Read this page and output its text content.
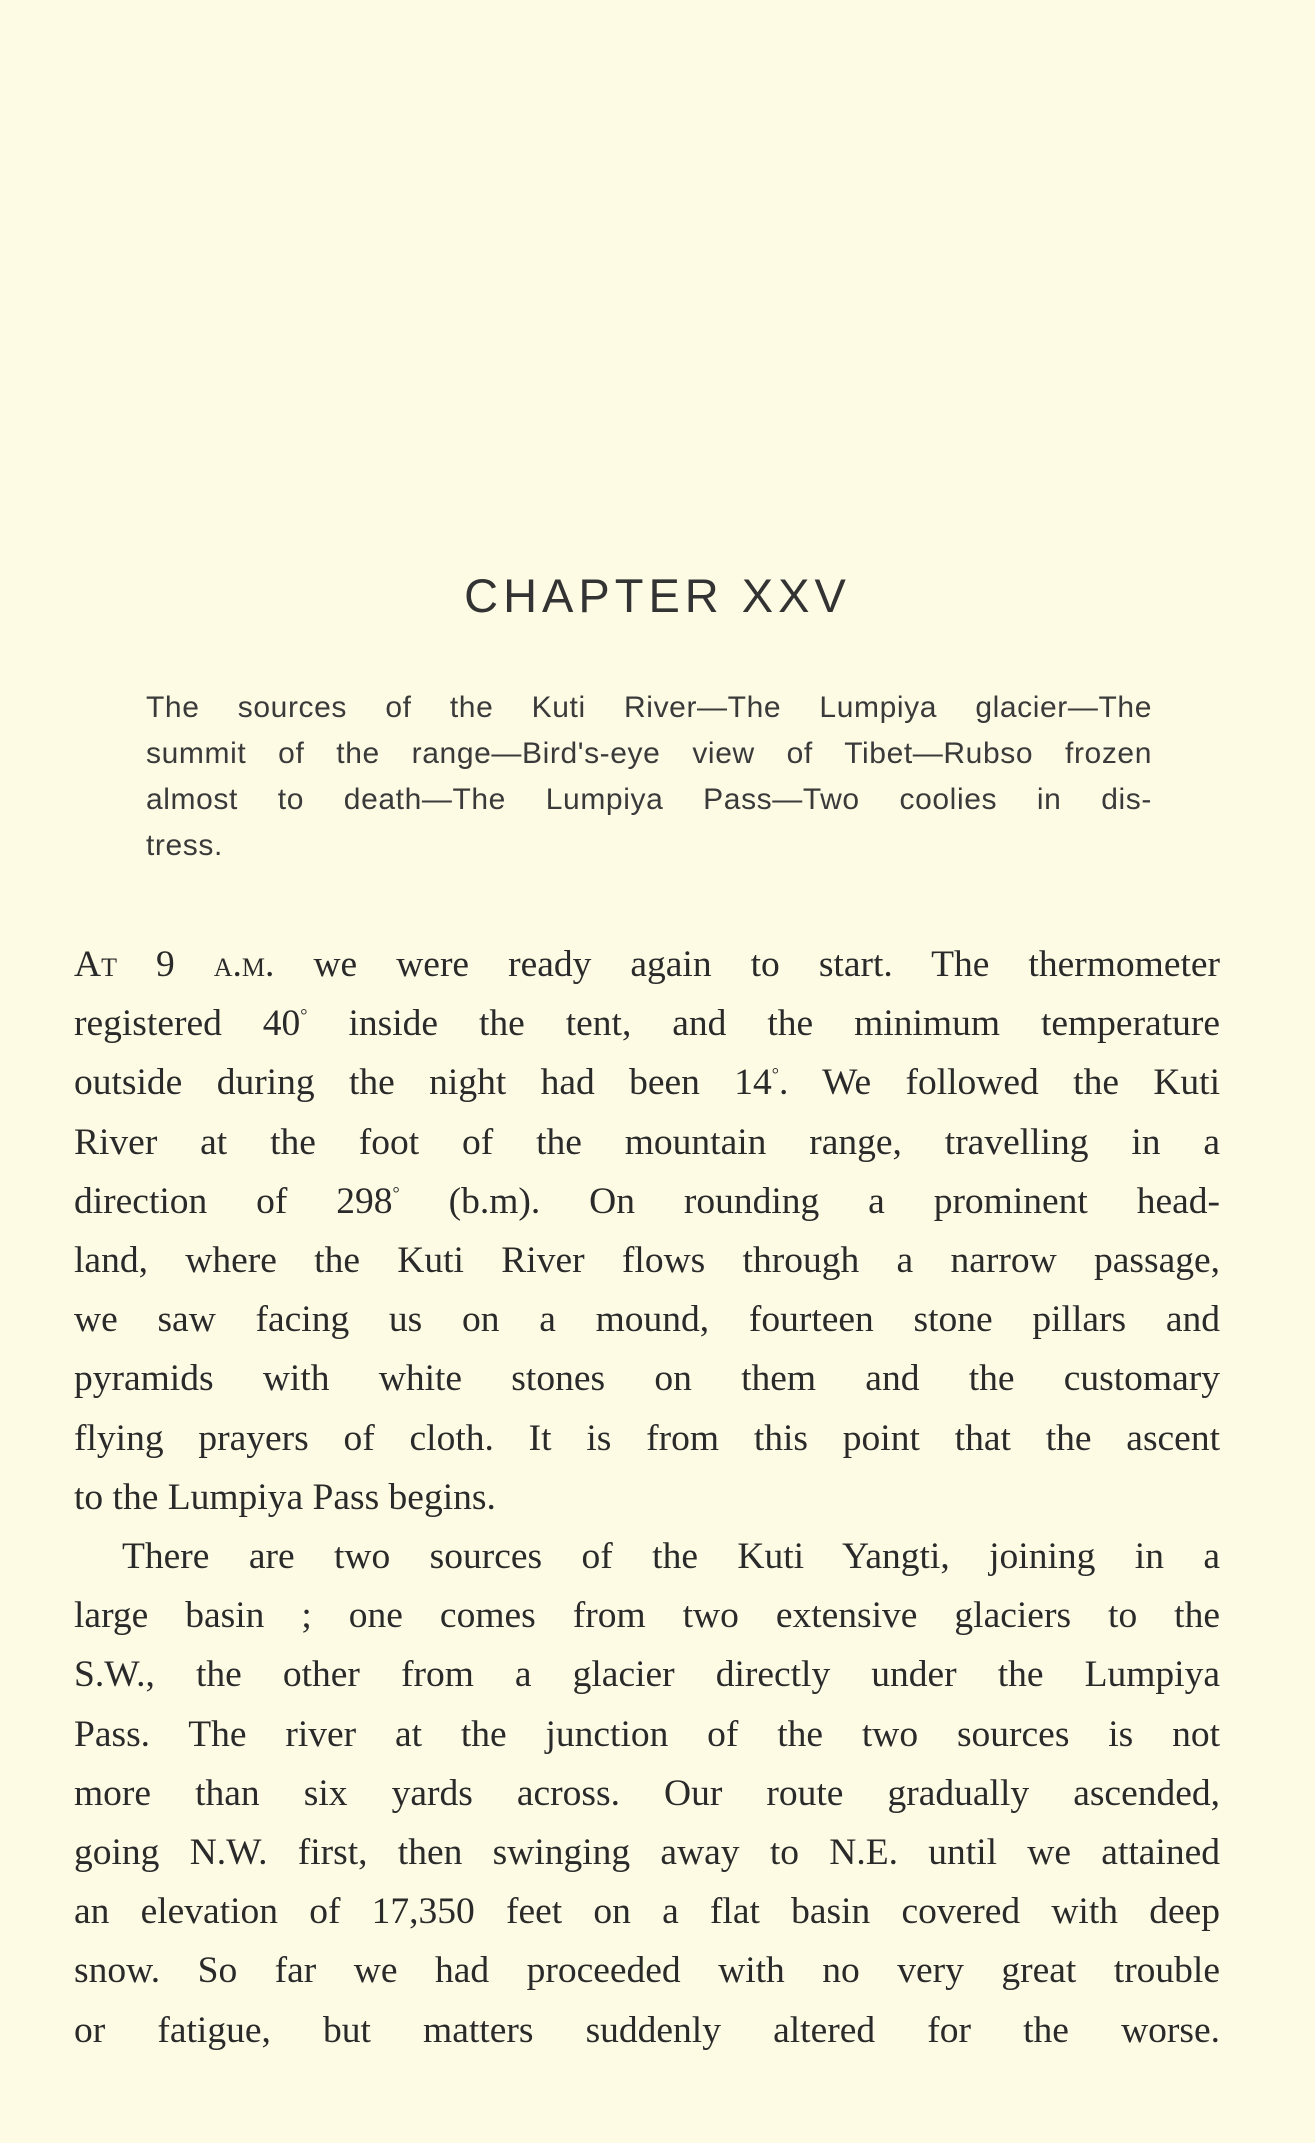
CHAPTER XXV
The sources of the Kuti River—The Lumpiya glacier—The
summit of the range—Bird's-eye view of Tibet—Rubso frozen
almost to death—The Lumpiya Pass—Two coolies in dis-
tress.
At 9 a.m. we were ready again to start. The thermometer
registered 40° inside the tent, and the minimum temperature
outside during the night had been 14°. We followed the Kuti
River at the foot of the mountain range, travelling in a
direction of 298° (b.m). On rounding a prominent head-
land, where the Kuti River flows through a narrow passage,
we saw facing us on a mound, fourteen stone pillars and
pyramids with white stones on them and the customary
flying prayers of cloth. It is from this point that the ascent
to the Lumpiya Pass begins.
There are two sources of the Kuti Yangti, joining in a
large basin ; one comes from two extensive glaciers to the
S.W., the other from a glacier directly under the Lumpiya
Pass. The river at the junction of the two sources is not
more than six yards across. Our route gradually ascended,
going N.W. first, then swinging away to N.E. until we attained
an elevation of 17,350 feet on a flat basin covered with deep
snow. So far we had proceeded with no very great trouble
or fatigue, but matters suddenly altered for the worse.
